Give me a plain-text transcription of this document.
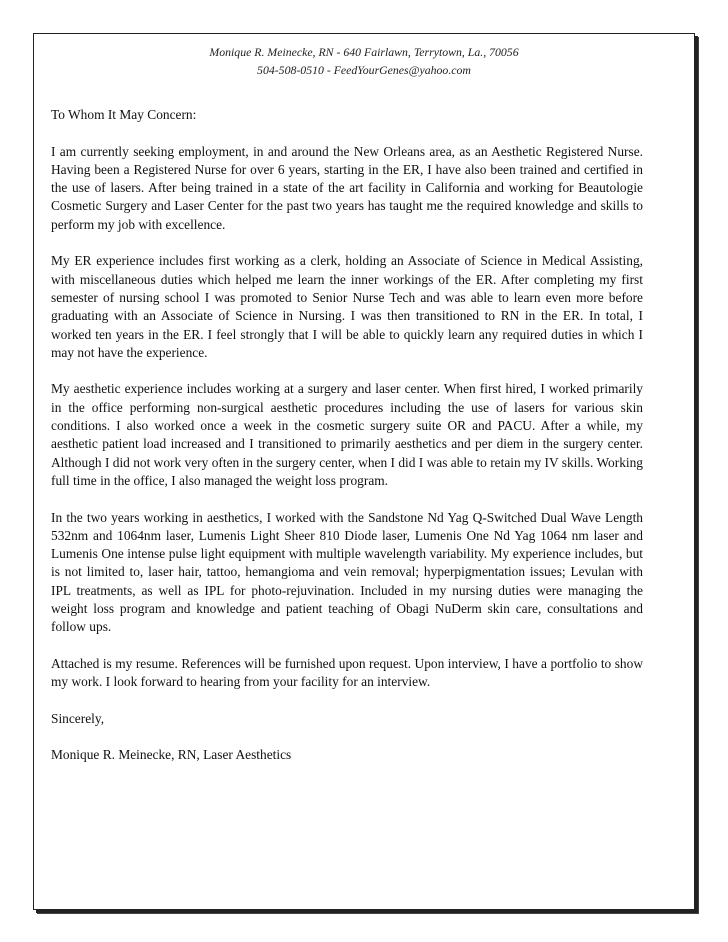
Monique R. Meinecke, RN - 640 Fairlawn, Terrytown, La., 70056
504-508-0510 - FeedYourGenes@yahoo.com

To Whom It May Concern:

I am currently seeking employment, in and around the New Orleans area, as an Aesthetic Registered Nurse. Having been a Registered Nurse for over 6 years, starting in the ER, I have also been trained and certified in the use of lasers. After being trained in a state of the art facility in California and working for Beautologie Cosmetic Surgery and Laser Center for the past two years has taught me the required knowledge and skills to perform my job with excellence.

My ER experience includes first working as a clerk, holding an Associate of Science in Medical Assisting, with miscellaneous duties which helped me learn the inner workings of the ER. After completing my first semester of nursing school I was promoted to Senior Nurse Tech and was able to learn even more before graduating with an Associate of Science in Nursing. I was then transitioned to RN in the ER. In total, I worked ten years in the ER. I feel strongly that I will be able to quickly learn any required duties in which I may not have the experience.

My aesthetic experience includes working at a surgery and laser center. When first hired, I worked primarily in the office performing non-surgical aesthetic procedures including the use of lasers for various skin conditions. I also worked once a week in the cosmetic surgery suite OR and PACU. After a while, my aesthetic patient load increased and I transitioned to primarily aesthetics and per diem in the surgery center. Although I did not work very often in the surgery center, when I did I was able to retain my IV skills. Working full time in the office, I also managed the weight loss program.

In the two years working in aesthetics, I worked with the Sandstone Nd Yag Q-Switched Dual Wave Length 532nm and 1064nm laser, Lumenis Light Sheer 810 Diode laser, Lumenis One Nd Yag 1064 nm laser and Lumenis One intense pulse light equipment with multiple wavelength variability. My experience includes, but is not limited to, laser hair, tattoo, hemangioma and vein removal; hyperpigmentation issues; Levulan with IPL treatments, as well as IPL for photo-rejuvination. Included in my nursing duties were managing the weight loss program and knowledge and patient teaching of Obagi NuDerm skin care, consultations and follow ups.

Attached is my resume. References will be furnished upon request. Upon interview, I have a portfolio to show my work. I look forward to hearing from your facility for an interview.

Sincerely,

Monique R. Meinecke, RN, Laser Aesthetics
